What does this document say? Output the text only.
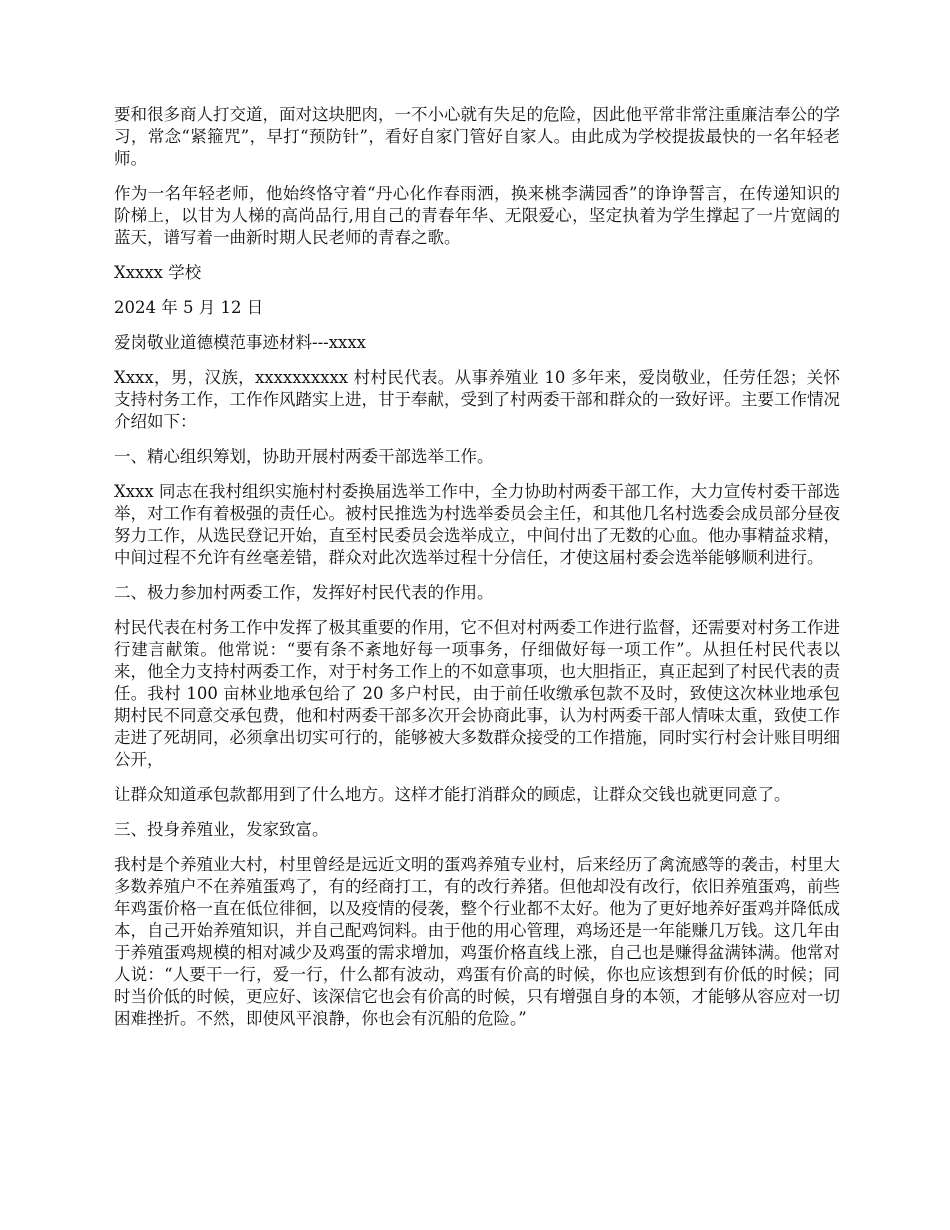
要和很多商人打交道，面对这块肥肉，一不小心就有失足的危险，因此他平常非常注重廉洁奉公的学习，常念“紧箍咒”，早打“预防针”，看好自家门管好自家人。由此成为学校提拔最快的一名年轻老师。

作为一名年轻老师，他始终恪守着“丹心化作春雨洒，换来桃李满园香”的诤诤誓言，在传递知识的阶梯上，以甘为人梯的高尚品行,用自己的青春年华、无限爱心，坚定执着为学生撑起了一片宽阔的蓝天，谱写着一曲新时期人民老师的青春之歌。

Xxxxx 学校

2024 年 5 月 12 日

爱岗敬业道德模范事迹材料---xxxx

Xxxx，男，汉族，xxxxxxxxxx 村村民代表。从事养殖业 10 多年来，爱岗敬业，任劳任怨；关怀支持村务工作，工作作风踏实上进，甘于奉献，受到了村两委干部和群众的一致好评。主要工作情况介绍如下：

一、精心组织筹划，协助开展村两委干部选举工作。

Xxxx 同志在我村组织实施村村委换届选举工作中，全力协助村两委干部工作，大力宣传村委干部选举，对工作有着极强的责任心。被村民推选为村选举委员会主任，和其他几名村选委会成员部分昼夜努力工作，从选民登记开始，直至村民委员会选举成立，中间付出了无数的心血。他办事精益求精，中间过程不允许有丝毫差错，群众对此次选举过程十分信任，才使这届村委会选举能够顺利进行。

二、极力参加村两委工作，发挥好村民代表的作用。

村民代表在村务工作中发挥了极其重要的作用，它不但对村两委工作进行监督，还需要对村务工作进行建言献策。他常说：“要有条不紊地好每一项事务，仔细做好每一项工作”。从担任村民代表以来，他全力支持村两委工作，对于村务工作上的不如意事项，也大胆指正，真正起到了村民代表的责任。我村 100 亩林业地承包给了 20 多户村民，由于前任收缴承包款不及时，致使这次林业地承包期村民不同意交承包费，他和村两委干部多次开会协商此事，认为村两委干部人情味太重，致使工作走进了死胡同，必须拿出切实可行的，能够被大多数群众接受的工作措施，同时实行村会计账目明细公开，

让群众知道承包款都用到了什么地方。这样才能打消群众的顾虑，让群众交钱也就更同意了。

三、投身养殖业，发家致富。

我村是个养殖业大村，村里曾经是远近文明的蛋鸡养殖专业村，后来经历了禽流感等的袭击，村里大多数养殖户不在养殖蛋鸡了，有的经商打工，有的改行养猪。但他却没有改行，依旧养殖蛋鸡，前些年鸡蛋价格一直在低位徘徊，以及疫情的侵袭，整个行业都不太好。他为了更好地养好蛋鸡并降低成本，自己开始养殖知识，并自己配鸡饲料。由于他的用心管理，鸡场还是一年能赚几万钱。这几年由于养殖蛋鸡规模的相对减少及鸡蛋的需求增加，鸡蛋价格直线上涨，自己也是赚得盆满钵满。他常对人说：“人要干一行，爱一行，什么都有波动，鸡蛋有价高的时候，你也应该想到有价低的时候；同时当价低的时候，更应好、该深信它也会有价高的时候，只有增强自身的本领，才能够从容应对一切困难挫折。不然，即使风平浪静，你也会有沉船的危险。”
